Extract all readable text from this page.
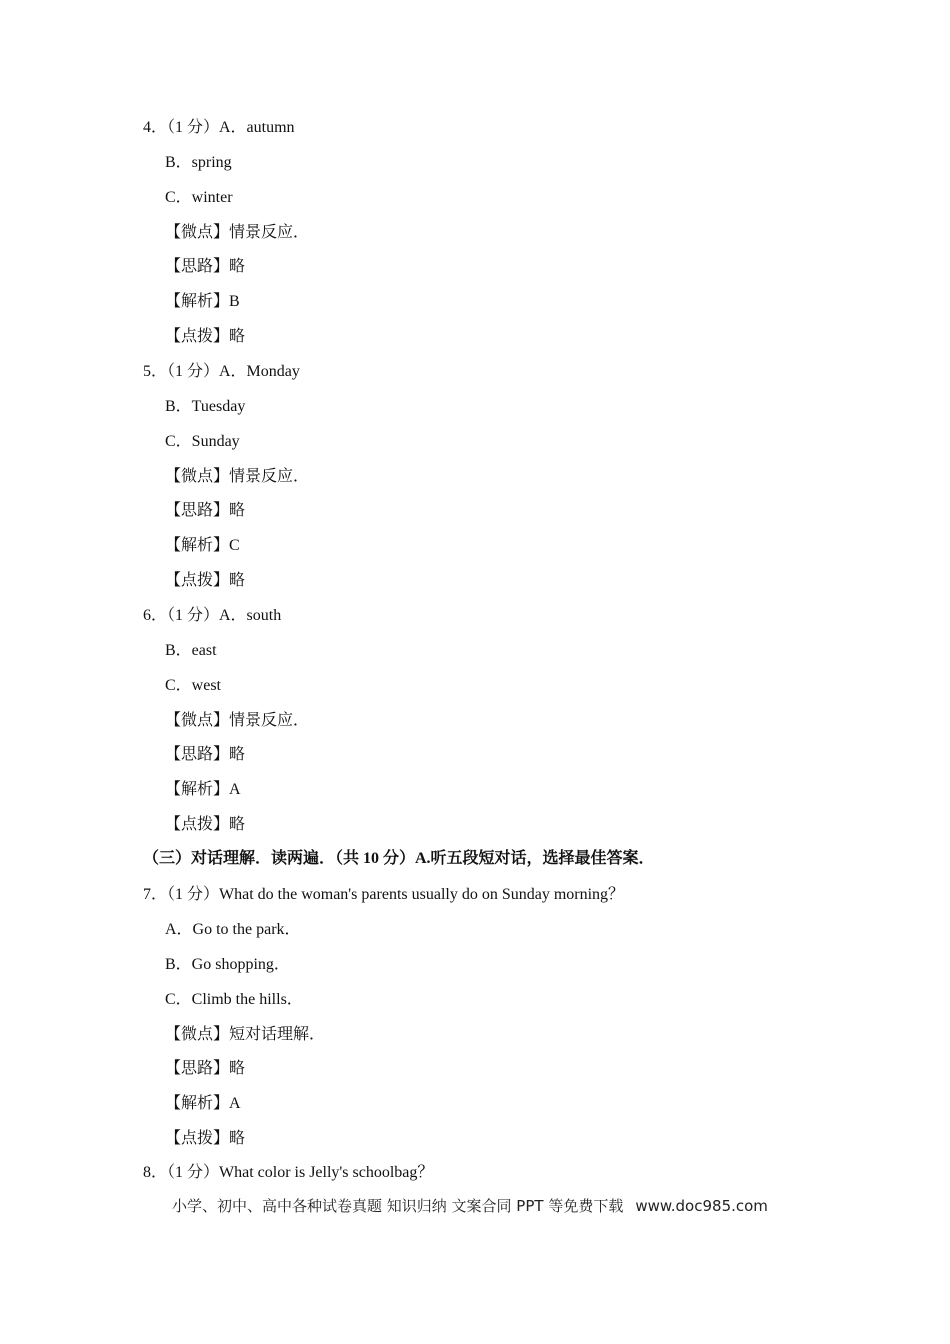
4．（1 分）A．autumn
B．spring
C．winter
【微点】情景反应．
【思路】略
【解析】B
【点拨】略
5．（1 分）A．Monday
B．Tuesday
C．Sunday
【微点】情景反应．
【思路】略
【解析】C
【点拨】略
6．（1 分）A．south
B．east
C．west
【微点】情景反应．
【思路】略
【解析】A
【点拨】略
（三）对话理解．读两遍．（共 10 分）A.听五段短对话，选择最佳答案．
7．（1 分）What do the woman's parents usually do on Sunday morning？
A．Go to the park．
B．Go shopping．
C．Climb the hills．
【微点】短对话理解．
【思路】略
【解析】A
【点拨】略
8．（1 分）What color is Jelly's schoolbag？
小学、初中、高中各种试卷真题 知识归纳 文案合同 PPT 等免费下载 www.doc985.com
